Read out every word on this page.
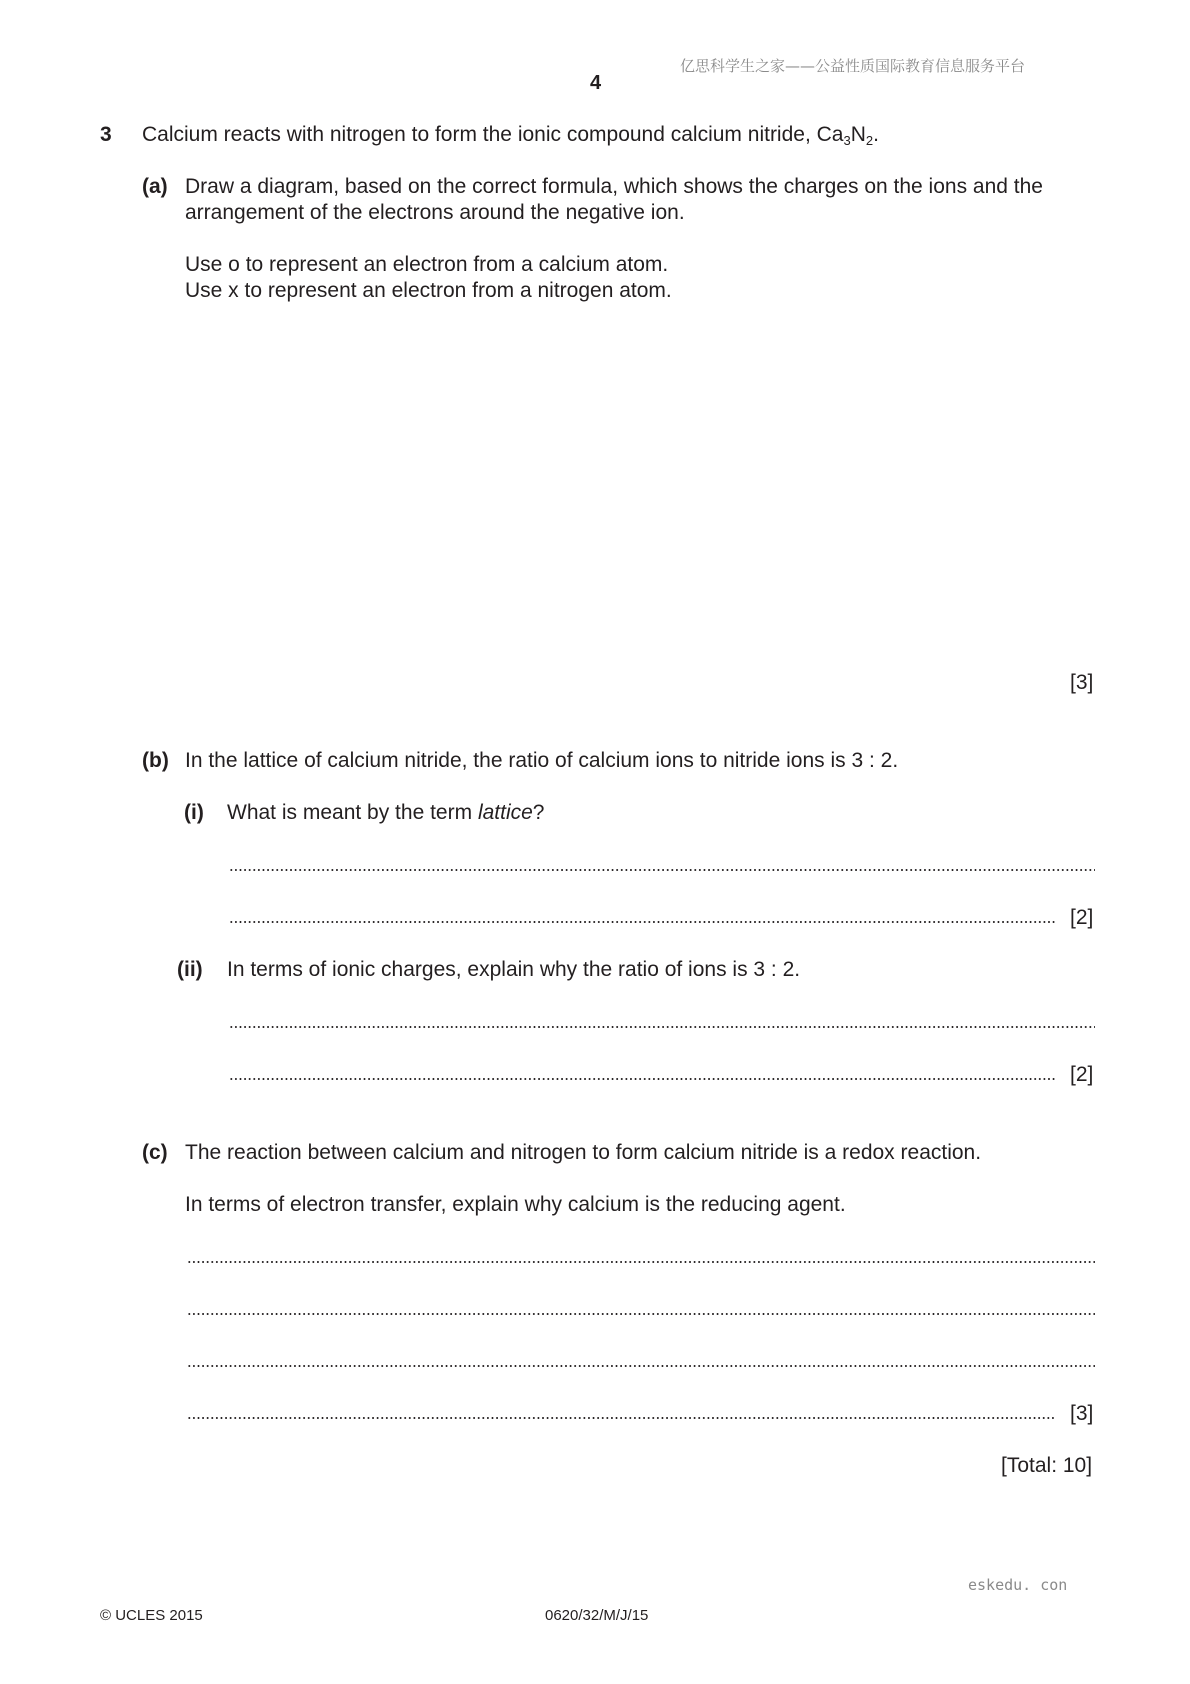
亿思科学生之家——公益性质国际教育信息服务平台
4
3 Calcium reacts with nitrogen to form the ionic compound calcium nitride, $Ca_3N_2$.
(a) Draw a diagram, based on the correct formula, which shows the charges on the ions and the
arrangement of the electrons around the negative ion.
Use o to represent an electron from a calcium atom.
Use x to represent an electron from a nitrogen atom.
[3]
(b) In the lattice of calcium nitride, the ratio of calcium ions to nitride ions is 3 : 2.
(i) What is meant by the term lattice?
[2]
(ii) In terms of ionic charges, explain why the ratio of ions is 3 : 2.
[2]
(c) The reaction between calcium and nitrogen to form calcium nitride is a redox reaction.
In terms of electron transfer, explain why calcium is the reducing agent.
[3]
[Total: 10]
eskedu. con
© UCLES 2015	0620/32/M/J/15
